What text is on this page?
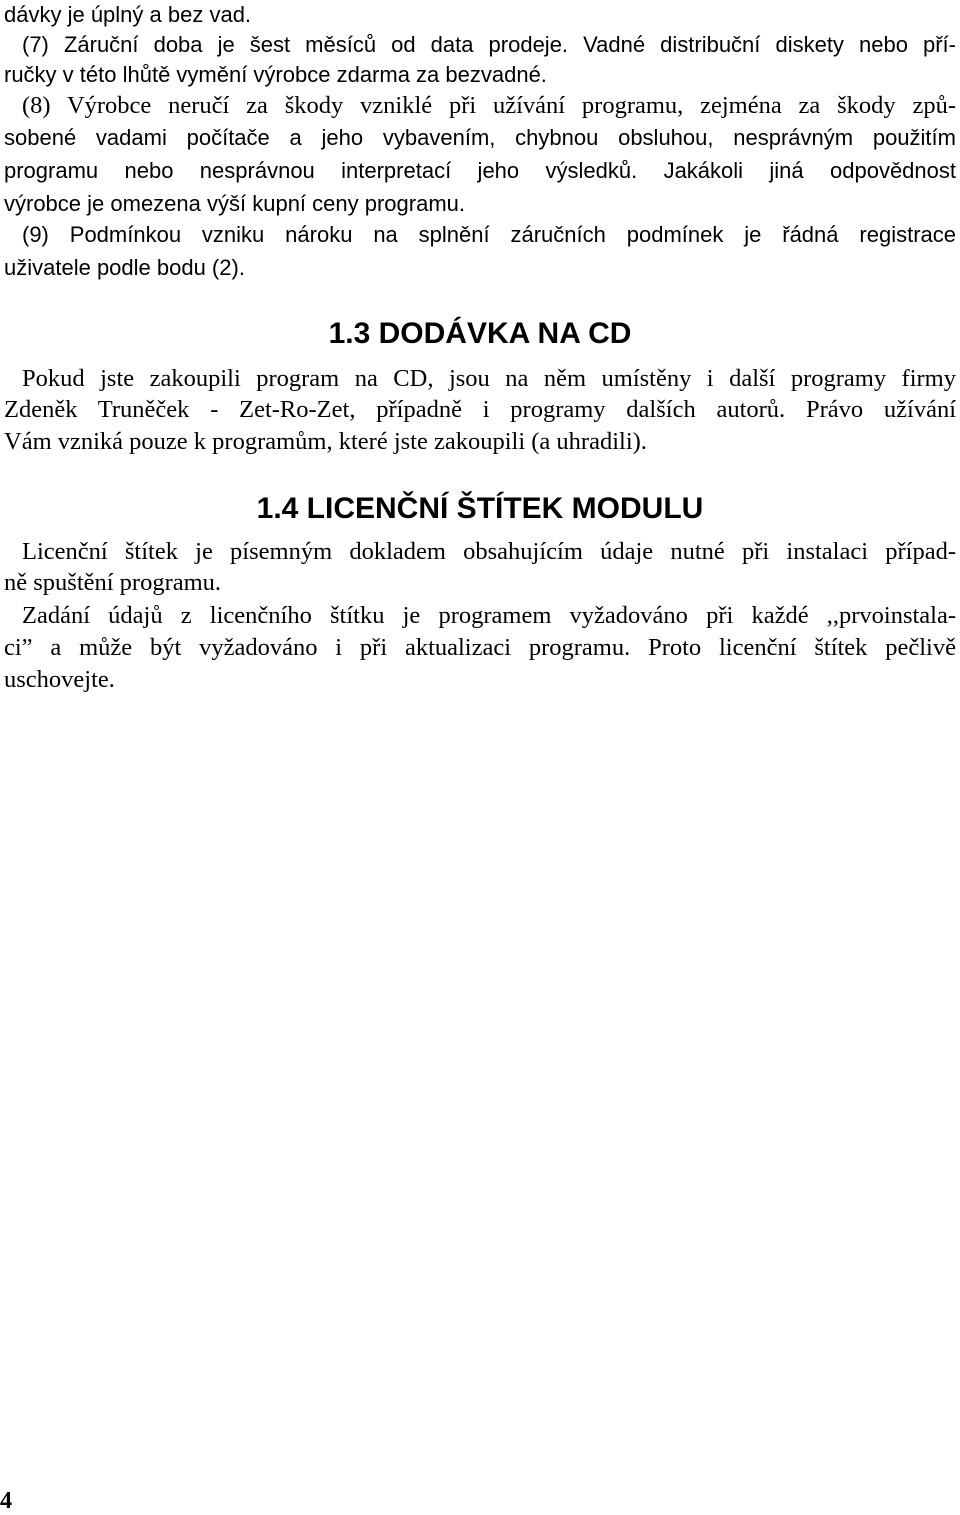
dávky je úplný a bez vad.
(7) Záruční doba je šest měsíců od data prodeje. Vadné distribuční diskety nebo pří-
ručky v této lhůtě vymění výrobce zdarma za bezvadné.
(8) Výrobce neručí za škody vzniklé při užívání programu, zejména za škody způ-
sobené vadami počítače a jeho vybavením, chybnou obsluhou, nesprávným použitím
programu nebo nesprávnou interpretací jeho výsledků. Jakákoli jiná odpovědnost
výrobce je omezena výší kupní ceny programu.
(9) Podmínkou vzniku nároku na splnění záručních podmínek je řádná registrace
uživatele podle bodu (2).
1.3 DODÁVKA NA CD
Pokud jste zakoupili program na CD, jsou na něm umístěny i další programy firmy
Zdeněk Truněček - Zet-Ro-Zet, případně i programy dalších autorů. Právo užívání
Vám vzniká pouze k programům, které jste zakoupili (a uhradili).
1.4 LICENČNÍ ŠTÍTEK MODULU
Licenční štítek je písemným dokladem obsahujícím údaje nutné při instalaci případ-
ně spuštění programu.
Zadání údajů z licenčního štítku je programem vyžadováno při každé ,,prvoinstala-
ci” a může být vyžadováno i při aktualizaci programu. Proto licenční štítek pečlivě
uschovejte.
4
